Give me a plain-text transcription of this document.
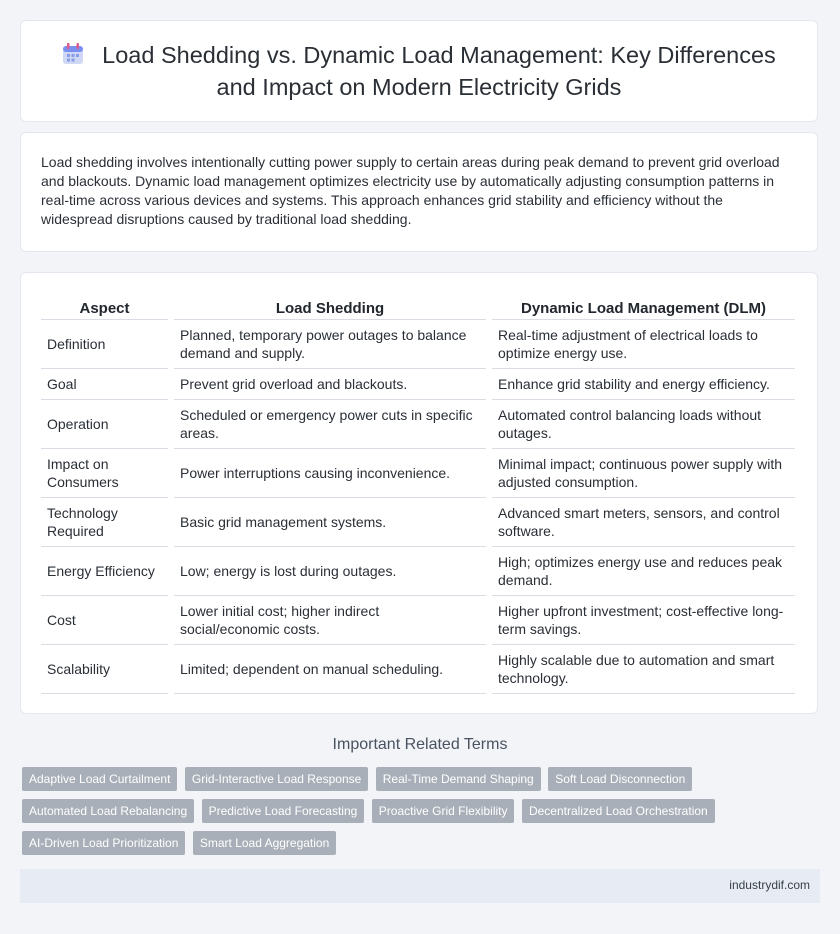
Load Shedding vs. Dynamic Load Management: Key Differences and Impact on Modern Electricity Grids

Load shedding involves intentionally cutting power supply to certain areas during peak demand to prevent grid overload and blackouts. Dynamic load management optimizes electricity use by automatically adjusting consumption patterns in real-time across various devices and systems. This approach enhances grid stability and efficiency without the widespread disruptions caused by traditional load shedding.

Aspect	Load Shedding	Dynamic Load Management (DLM)
Definition	Planned, temporary power outages to balance demand and supply.	Real-time adjustment of electrical loads to optimize energy use.
Goal	Prevent grid overload and blackouts.	Enhance grid stability and energy efficiency.
Operation	Scheduled or emergency power cuts in specific areas.	Automated control balancing loads without outages.
Impact on Consumers	Power interruptions causing inconvenience.	Minimal impact; continuous power supply with adjusted consumption.
Technology Required	Basic grid management systems.	Advanced smart meters, sensors, and control software.
Energy Efficiency	Low; energy is lost during outages.	High; optimizes energy use and reduces peak demand.
Cost	Lower initial cost; higher indirect social/economic costs.	Higher upfront investment; cost-effective long-term savings.
Scalability	Limited; dependent on manual scheduling.	Highly scalable due to automation and smart technology.
Important Related Terms
Adaptive Load Curtailment Grid-Interactive Load Response Real-Time Demand Shaping Soft Load Disconnection
Automated Load Rebalancing Predictive Load Forecasting Proactive Grid Flexibility Decentralized Load Orchestration
AI-Driven Load Prioritization Smart Load Aggregation
industrydif.com
